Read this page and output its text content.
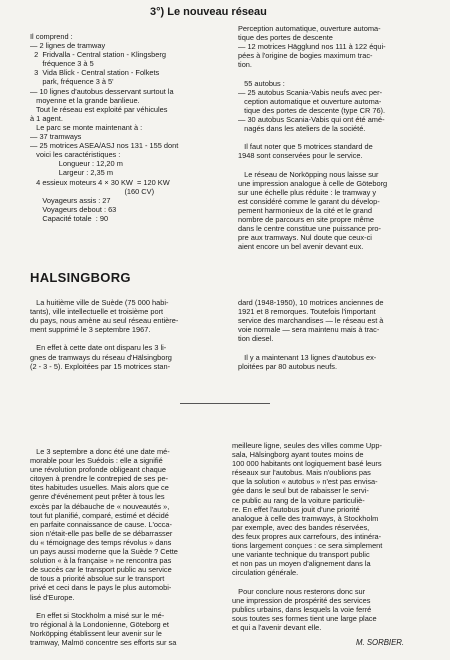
3°) Le nouveau réseau
Il comprend :
— 2 lignes de tramway
2  Fridvalla - Central station - Klingsberg
fréquence 3 à 5
3  Vida Blick - Central station - Folkets
park, fréquence 3 à 5'
— 10 lignes d'autobus desservant surtout la
moyenne et la grande banlieue.
Tout le réseau est exploité par véhicules
à 1 agent.
Le parc se monte maintenant à :
— 37 tramways
— 25 motrices ASEA/ASJ nos 131 - 155 dont
voici les caractéristiques :
Longueur : 12,20 m
Largeur : 2,35 m
4 essieux moteurs 4 × 30 KW  = 120 KW
(160 CV)
Voyageurs assis : 27
Voyageurs debout : 63
Capacité totale  : 90
Perception automatique, ouverture automa-
tique des portes de descente
— 12 motrices Hägglund nos 111 à 122 équi-
pées à l'origine de bogies maximum trac-
tion.

55 autobus :
— 25 autobus Scania-Vabis neufs avec per-
ception automatique et ouverture automa-
tique des portes de descente (type CR 76).
— 30 autobus Scania-Vabis qui ont été amé-
nagés dans les ateliers de la société.

Il faut noter que 5 motrices standard de
1948 sont conservées pour le service.

Le réseau de Norköpping nous laisse sur
une impression analogue à celle de Göteborg
sur une échelle plus réduite : le tramway y
est considéré comme le garant du dévelop-
pement harmonieux de la cité et le grand
nombre de parcours en site propre même
dans le centre constitue une puissance pro-
pre aux tramways. Nul doute que ceux-ci
aient encore un bel avenir devant eux.
HALSINGBORG
La huitième ville de Suède (75 000 habi-
tants), ville intellectuelle et troisième port
du pays, nous amène au seul réseau entière-
ment supprimé le 3 septembre 1967.

En effet à cette date ont disparu les 3 li-
gnes de tramways du réseau d'Hälsingborg
(2 - 3 - 5). Exploitées par 15 motrices stan-
dard (1948-1950), 10 motrices anciennes de
1921 et 8 remorques. Toutefois l'important
service des marchandises — le réseau est à
voie normale — sera maintenu mais à trac-
tion diesel.

Il y a maintenant 13 lignes d'autobus ex-
ploitées par 80 autobus neufs.
Le 3 septembre a donc été une date mé-
morable pour les Suédois : elle a signifié
une révolution profonde obligeant chaque
citoyen à prendre le contrepied de ses pe-
tites habitudes usuelles. Mais alors que ce
genre d'événement peut prêter à tous les
excès par la débauche de « nouveautés »,
tout fut planifié, comparé, estimé et décidé
en parfaite connaissance de cause. L'occa-
sion n'était-elle pas belle de se débarrasser
du « témoignage des temps révolus » dans
un pays aussi moderne que la Suède ? Cette
solution « à la française » ne rencontra pas
de succès car le transport public au service
de tous a priorité absolue sur le transport
privé et ceci dans le pays le plus automobi-
lisé d'Europe.

En effet si Stockholm a misé sur le mé-
tro régional à la Londonienne, Göteborg et
Norköpping établissent leur avenir sur le
tramway, Malmö concentre ses efforts sur sa
meilleure ligne, seules des villes comme Upp-
sala, Hälsingborg ayant toutes moins de
100 000 habitants ont logiquement basé leurs
réseaux sur l'autobus. Mais n'oublions pas
que la solution « autobus » n'est pas envisa-
gée dans le seul but de rabaisser le servi-
ce public au rang de la voiture particuliè-
re. En effet l'autobus jouit d'une priorité
analogue à celle des tramways, à Stockholm
par exemple, avec des bandes réservées,
des feux propres aux carrefours, des intinéra-
tions largement conçues : ce sera simplement
une variante technique du transport public
et non pas un moyen d'alignement dans la
circulation générale.

Pour conclure nous resterons donc sur
une impression de prospérité des services
publics urbains, dans lesquels la voie ferré
sous toutes ses formes tient une large place
et qui a l'avenir devant elle.
M. SORBIER.
